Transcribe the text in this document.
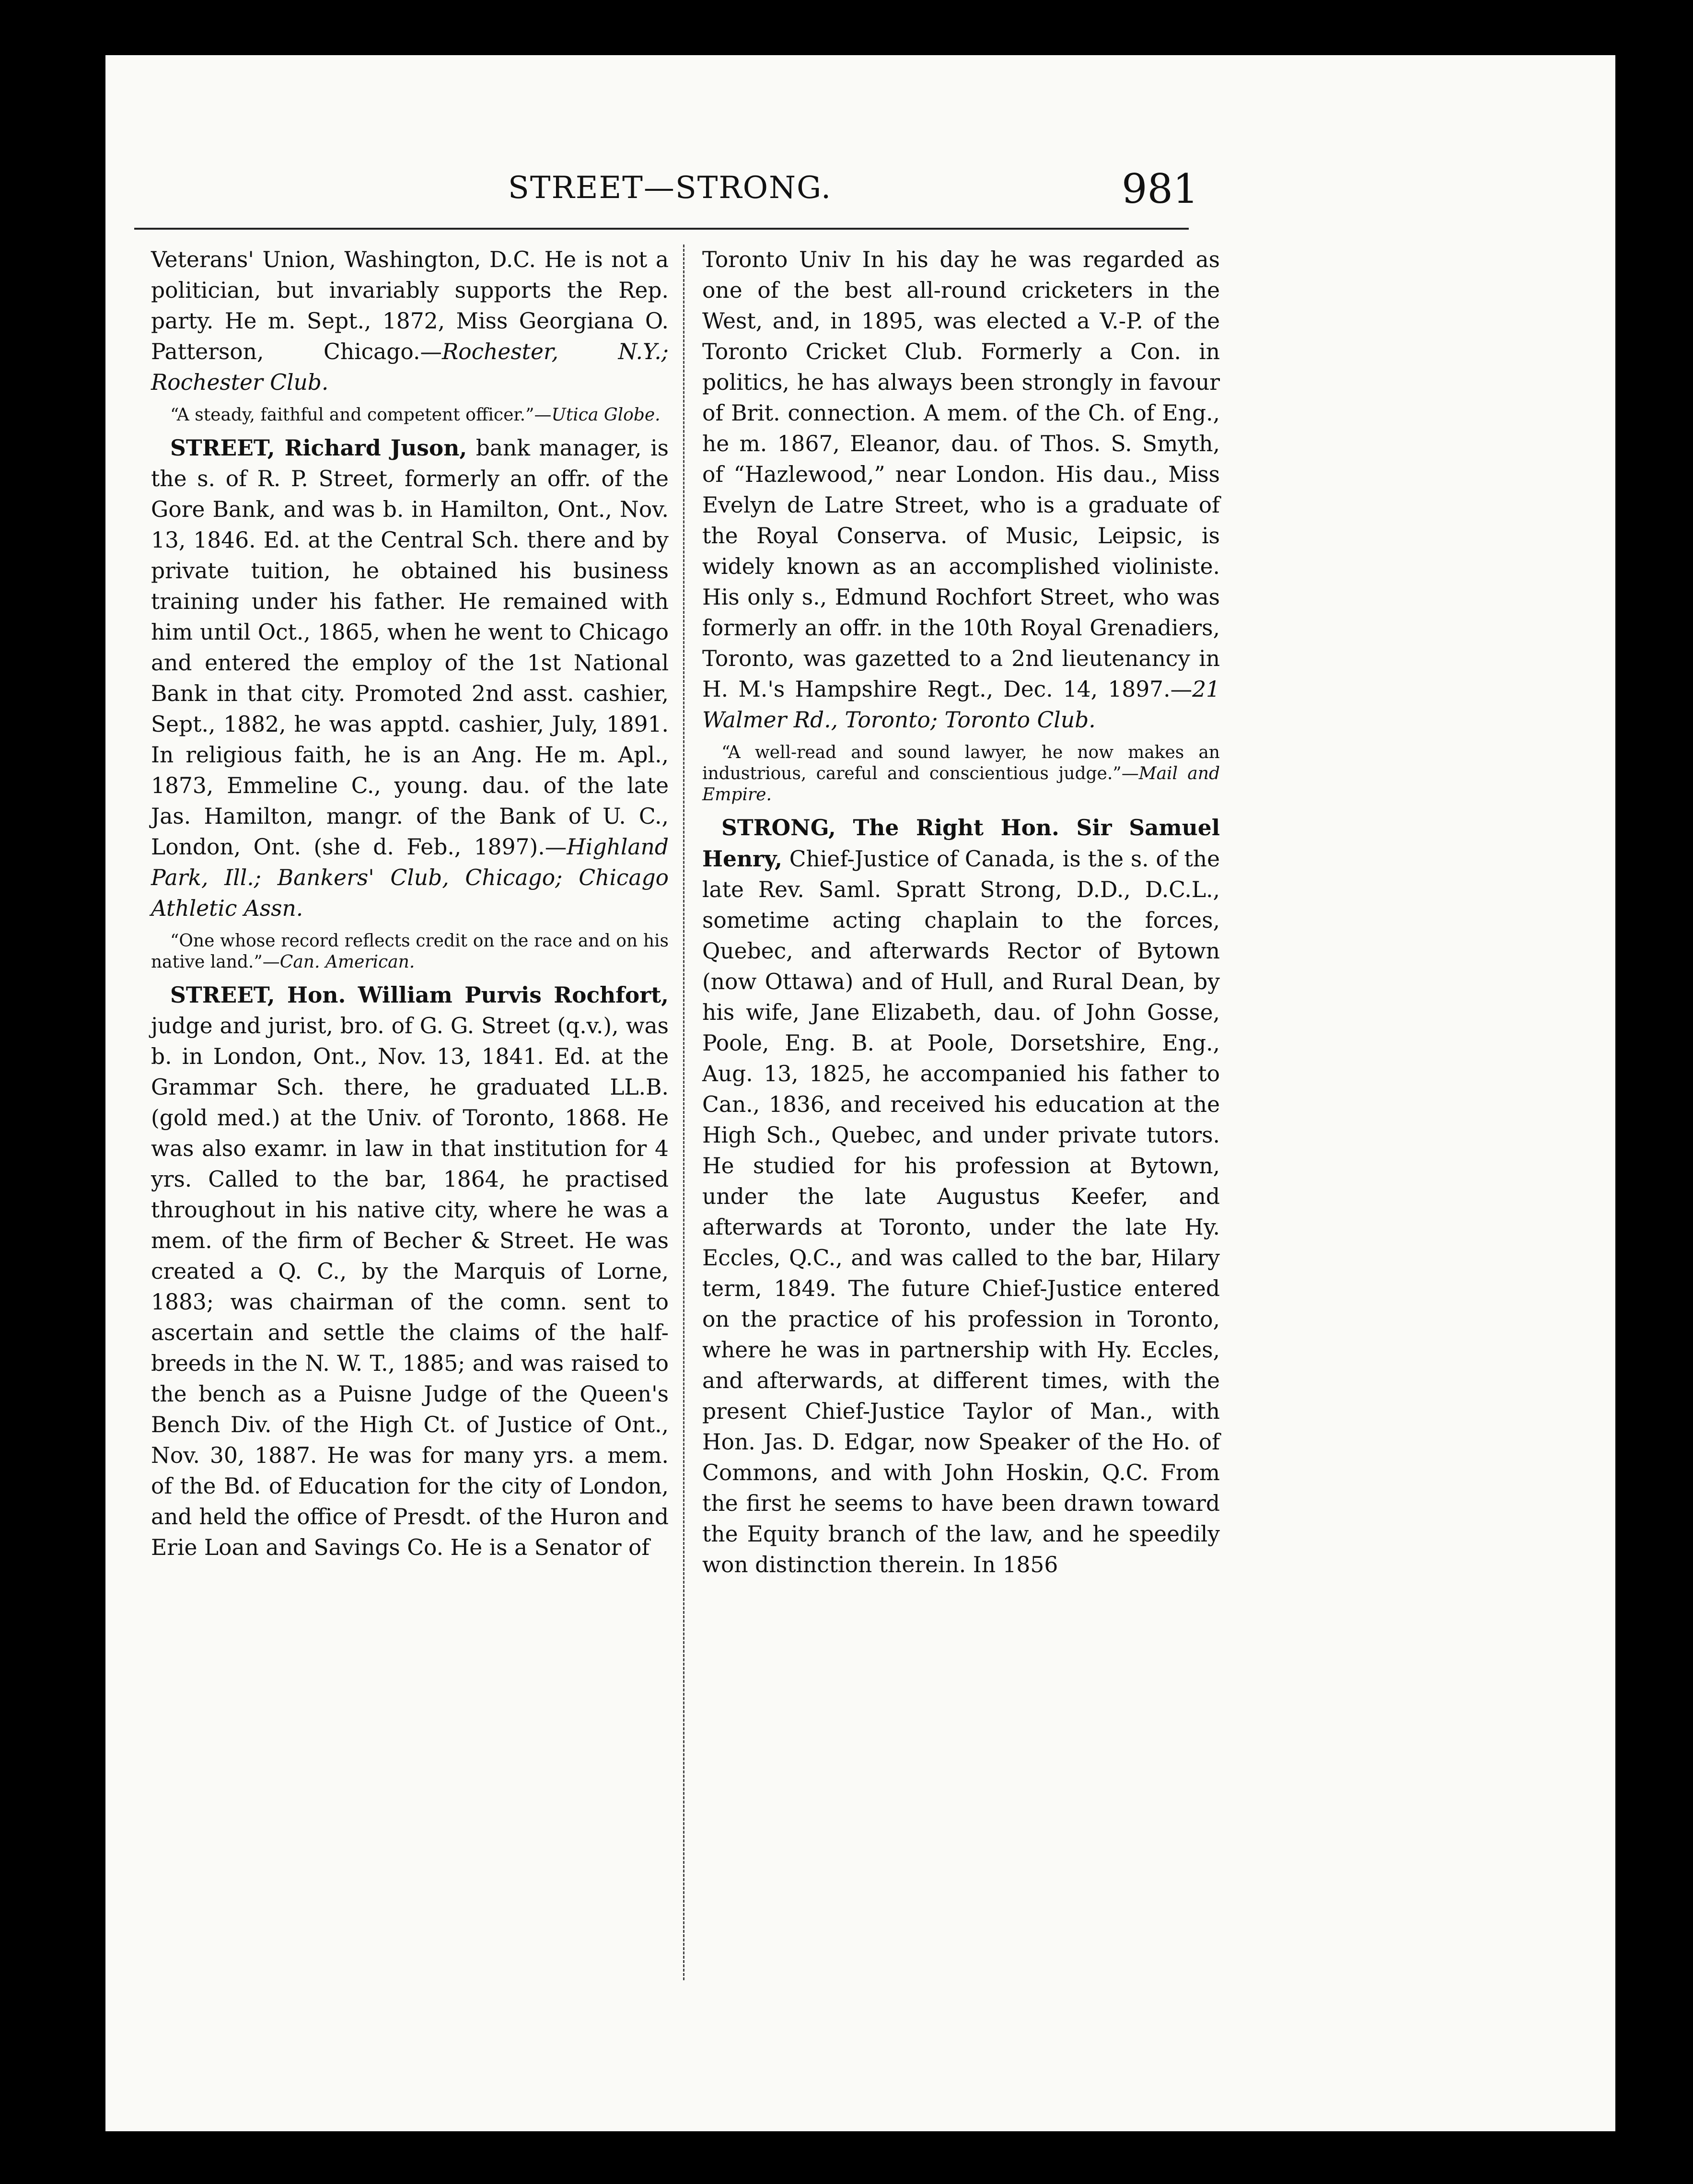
STREET—STRONG.	981

Veterans' Union, Washington, D.C. He is not a politician, but invariably supports the Rep. party. He m. Sept., 1872, Miss Georgiana O. Patterson, Chicago.—Rochester, N.Y.; Rochester Club.

“A steady, faithful and competent officer.”—Utica Globe.

STREET, Richard Juson, bank manager, is the s. of R. P. Street, formerly an offr. of the Gore Bank, and was b. in Hamilton, Ont., Nov. 13, 1846. Ed. at the Central Sch. there and by private tuition, he obtained his business training under his father. He remained with him until Oct., 1865, when he went to Chicago and entered the employ of the 1st National Bank in that city. Promoted 2nd asst. cashier, Sept., 1882, he was apptd. cashier, July, 1891. In religious faith, he is an Ang. He m. Apl., 1873, Emmeline C., young. dau. of the late Jas. Hamilton, mangr. of the Bank of U. C., London, Ont. (she d. Feb., 1897).—Highland Park, Ill.; Bankers' Club, Chicago; Chicago Athletic Assn.

“One whose record reflects credit on the race and on his native land.”—Can. American.

STREET, Hon. William Purvis Rochfort, judge and jurist, bro. of G. G. Street (q.v.), was b. in London, Ont., Nov. 13, 1841. Ed. at the Grammar Sch. there, he graduated LL.B. (gold med.) at the Univ. of Toronto, 1868. He was also examr. in law in that institution for 4 yrs. Called to the bar, 1864, he practised throughout in his native city, where he was a mem. of the firm of Becher & Street. He was created a Q. C., by the Marquis of Lorne, 1883; was chairman of the comn. sent to ascertain and settle the claims of the half-breeds in the N. W. T., 1885; and was raised to the bench as a Puisne Judge of the Queen's Bench Div. of the High Ct. of Justice of Ont., Nov. 30, 1887. He was for many yrs. a mem. of the Bd. of Education for the city of London, and held the office of Presdt. of the Huron and Erie Loan and Savings Co. He is a Senator of

Toronto Univ In his day he was regarded as one of the best all-round cricketers in the West, and, in 1895, was elected a V.-P. of the Toronto Cricket Club. Formerly a Con. in politics, he has always been strongly in favour of Brit. connection. A mem. of the Ch. of Eng., he m. 1867, Eleanor, dau. of Thos. S. Smyth, of “Hazlewood,” near London. His dau., Miss Evelyn de Latre Street, who is a graduate of the Royal Conserva. of Music, Leipsic, is widely known as an accomplished violiniste. His only s., Edmund Rochfort Street, who was formerly an offr. in the 10th Royal Grenadiers, Toronto, was gazetted to a 2nd lieutenancy in H. M.'s Hampshire Regt., Dec. 14, 1897.—21 Walmer Rd., Toronto; Toronto Club.

“A well-read and sound lawyer, he now makes an industrious, careful and conscientious judge.”—Mail and Empire.

STRONG, The Right Hon. Sir Samuel Henry, Chief-Justice of Canada, is the s. of the late Rev. Saml. Spratt Strong, D.D., D.C.L., sometime acting chaplain to the forces, Quebec, and afterwards Rector of Bytown (now Ottawa) and of Hull, and Rural Dean, by his wife, Jane Elizabeth, dau. of John Gosse, Poole, Eng. B. at Poole, Dorsetshire, Eng., Aug. 13, 1825, he accompanied his father to Can., 1836, and received his education at the High Sch., Quebec, and under private tutors. He studied for his profession at Bytown, under the late Augustus Keefer, and afterwards at Toronto, under the late Hy. Eccles, Q.C., and was called to the bar, Hilary term, 1849. The future Chief-Justice entered on the practice of his profession in Toronto, where he was in partnership with Hy. Eccles, and afterwards, at different times, with the present Chief-Justice Taylor of Man., with Hon. Jas. D. Edgar, now Speaker of the Ho. of Commons, and with John Hoskin, Q.C. From the first he seems to have been drawn toward the Equity branch of the law, and he speedily won distinction therein. In 1856
